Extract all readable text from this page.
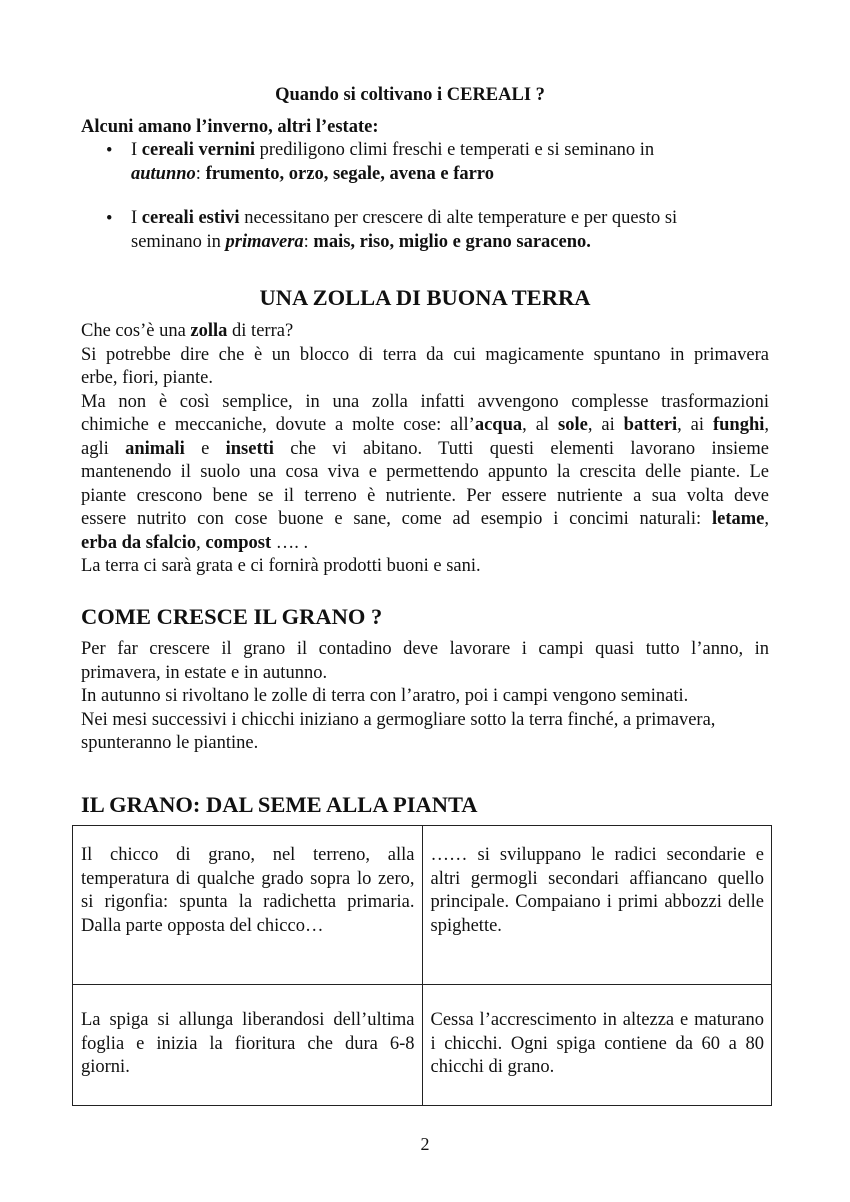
Quando si coltivano i CEREALI ?
Alcuni amano l’inverno, altri l’estate:
• I cereali vernini prediligono climi freschi e temperati e si seminano in
autunno: frumento, orzo, segale, avena e farro
• I cereali estivi necessitano per crescere di alte temperature e per questo si
seminano in primavera: mais, riso, miglio e grano saraceno.
UNA ZOLLA DI BUONA TERRA
Che cos’è una zolla di terra?
Si potrebbe dire che è un blocco di terra da cui magicamente spuntano in primavera
erbe, fiori, piante.
Ma non è così semplice, in una zolla infatti avvengono complesse trasformazioni
chimiche e meccaniche, dovute a molte cose: all’acqua, al sole, ai batteri, ai funghi,
agli animali e insetti che vi abitano. Tutti questi elementi lavorano insieme
mantenendo il suolo una cosa viva e permettendo appunto la crescita delle piante. Le
piante crescono bene se il terreno è nutriente. Per essere nutriente a sua volta deve
essere nutrito con cose buone e sane, come ad esempio i concimi naturali: letame,
erba da sfalcio, compost …. .
La terra ci sarà grata e ci fornirà prodotti buoni e sani.
COME CRESCE IL GRANO ?
Per far crescere il grano il contadino deve lavorare i campi quasi tutto l’anno, in
primavera, in estate e in autunno.
In autunno si rivoltano le zolle di terra con l’aratro, poi i campi vengono seminati.
Nei mesi successivi i chicchi iniziano a germogliare sotto la terra finché, a primavera,
spunteranno le piantine.
IL GRANO: DAL SEME ALLA PIANTA
Il chicco di grano, nel terreno, alla temperatura di qualche grado sopra lo zero, si rigonfia: spunta la radichetta primaria. Dalla parte opposta del chicco…	…… si sviluppano le radici secondarie e altri germogli secondari affiancano quello principale. Compaiano i primi abbozzi delle spighette.
La spiga si allunga liberandosi dell’ultima foglia e inizia la fioritura che dura 6-8 giorni.	Cessa l’accrescimento in altezza e maturano i chicchi. Ogni spiga contiene da 60 a 80 chicchi di grano.
2
